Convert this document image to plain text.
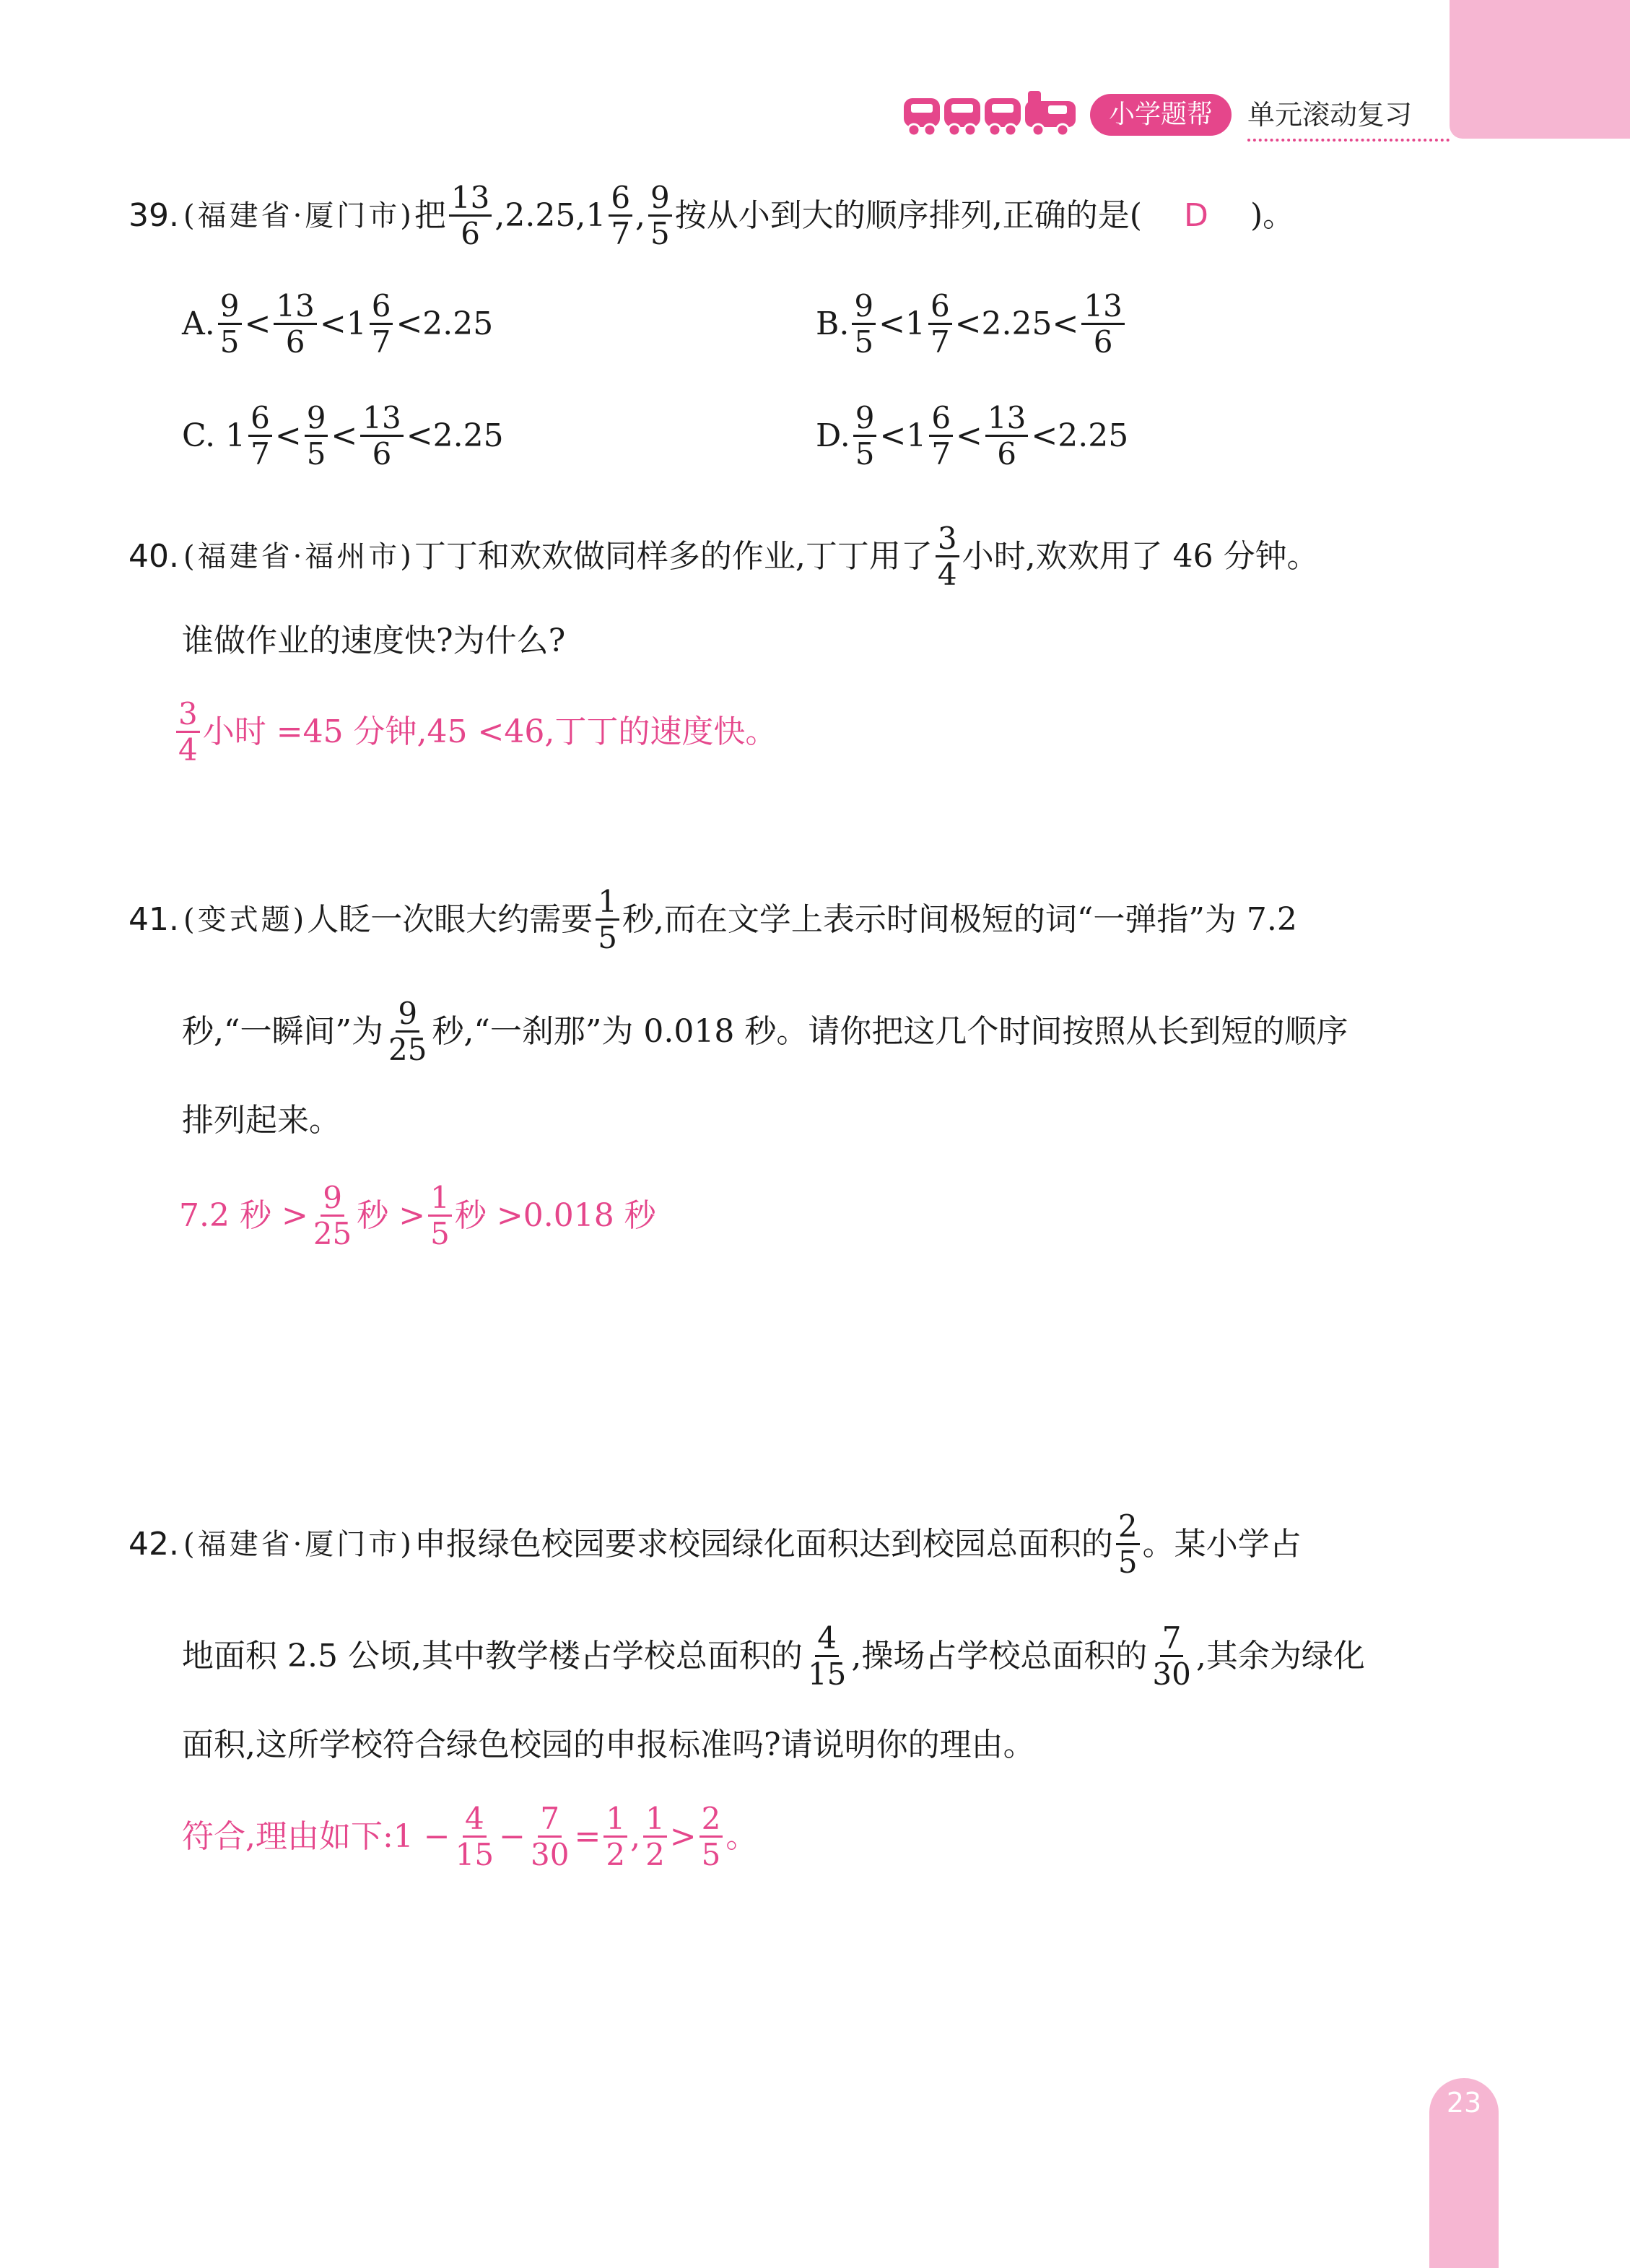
小学题帮	单元滚动复习
39. (福建省·厦门市) 把 $\frac{13}{6} ,2.25,1 \frac{6}{7}$ , $\frac{9}{5}$ 按从小到大的顺序排列,正确的是(	D	)。
A. $\frac{9}{5} < \frac{13}{6} <1 \frac{6}{7} <2.25$	B. $\frac{9}{5} <1 \frac{6}{7} <2.25< \frac{13}{6}$
C. $1 \frac{6}{7} < \frac{9}{5} < \frac{13}{6} <2.25$	D. $\frac{9}{5} <1 \frac{6}{7} < \frac{13}{6} <2.25$
40. (福建省·福州市) 丁丁和欢欢做同样多的作业,丁丁用了 $\frac{3}{4}$ 小时,欢欢用了 46 分钟。
谁做作业的速度快?为什么?
$\frac{3}{4}$ 小时 =45 分钟,45 <46,丁丁的速度快。
41. (变式题) 人眨一次眼大约需要 $\frac{1}{5}$ 秒,而在文学上表示时间极短的词“一弹指”为 7.2
秒,“一瞬间”为 $\frac{9}{25}$ 秒,“一刹那”为 0.018 秒。请你把这几个时间按照从长到短的顺序
排列起来。
7.2 秒 > $\frac{9}{25}$ 秒 > $\frac{1}{5}$ 秒 >0.018 秒
42. (福建省·厦门市) 申报绿色校园要求校园绿化面积达到校园总面积的 $\frac{2}{5}$ 。某小学占
地面积 2.5 公顷,其中教学楼占学校总面积的 $\frac{4}{15}$ ,操场占学校总面积的 $\frac{7}{30}$ ,其余为绿化
面积,这所学校符合绿色校园的申报标准吗?请说明你的理由。
符合,理由如下:1 − $\frac{4}{15} - \frac{7}{30} = \frac{1}{2}$ , $\frac{1}{2} > \frac{2}{5}$ 。
23
